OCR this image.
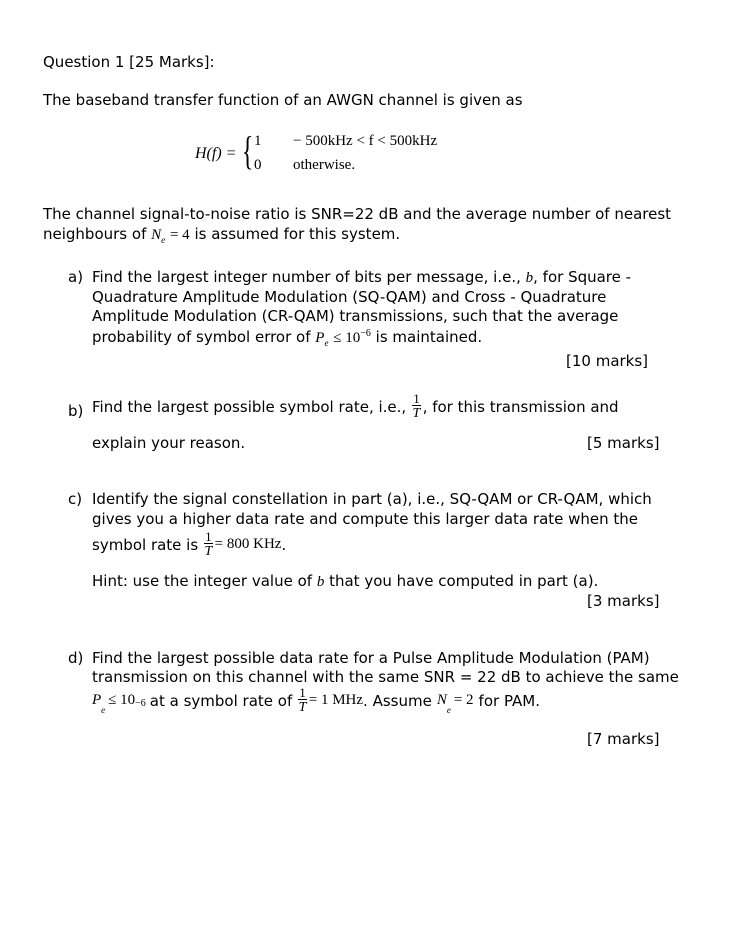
Question 1 [25 Marks]:
The baseband transfer function of an AWGN channel is given as
H(f) = { 1 − 500kHz < f < 500kHz
0 otherwise.
The channel signal-to-noise ratio is SNR=22 dB and the average number of nearest
neighbours of $N_e = 4$ is assumed for this system.
a) Find the largest integer number of bits per message, i.e., b, for Square -
Quadrature Amplitude Modulation (SQ-QAM) and Cross - Quadrature
Amplitude Modulation (CR-QAM) transmissions, such that the average
probability of symbol error of $P_e \le 10^{-6}$ is maintained.
[10 marks]
b) Find the largest possible symbol rate, i.e., $\frac{1}{T}$ , for this transmission and
explain your reason.	[5 marks]
c) Identify the signal constellation in part (a), i.e., SQ-QAM or CR-QAM, which
gives you a higher data rate and compute this larger data rate when the
symbol rate is $\frac{1}{T} = 800$ KHz .
Hint: use the integer value of b that you have computed in part (a).
[3 marks]
d) Find the largest possible data rate for a Pulse Amplitude Modulation (PAM)
transmission on this channel with the same SNR = 22 dB to achieve the same
P
$_e$
≤ $10_{-6}$ at a symbol rate of $\frac{1}{T} = 1$ MHz . Assume N
$_e$
= 2 for PAM.
[7 marks]
